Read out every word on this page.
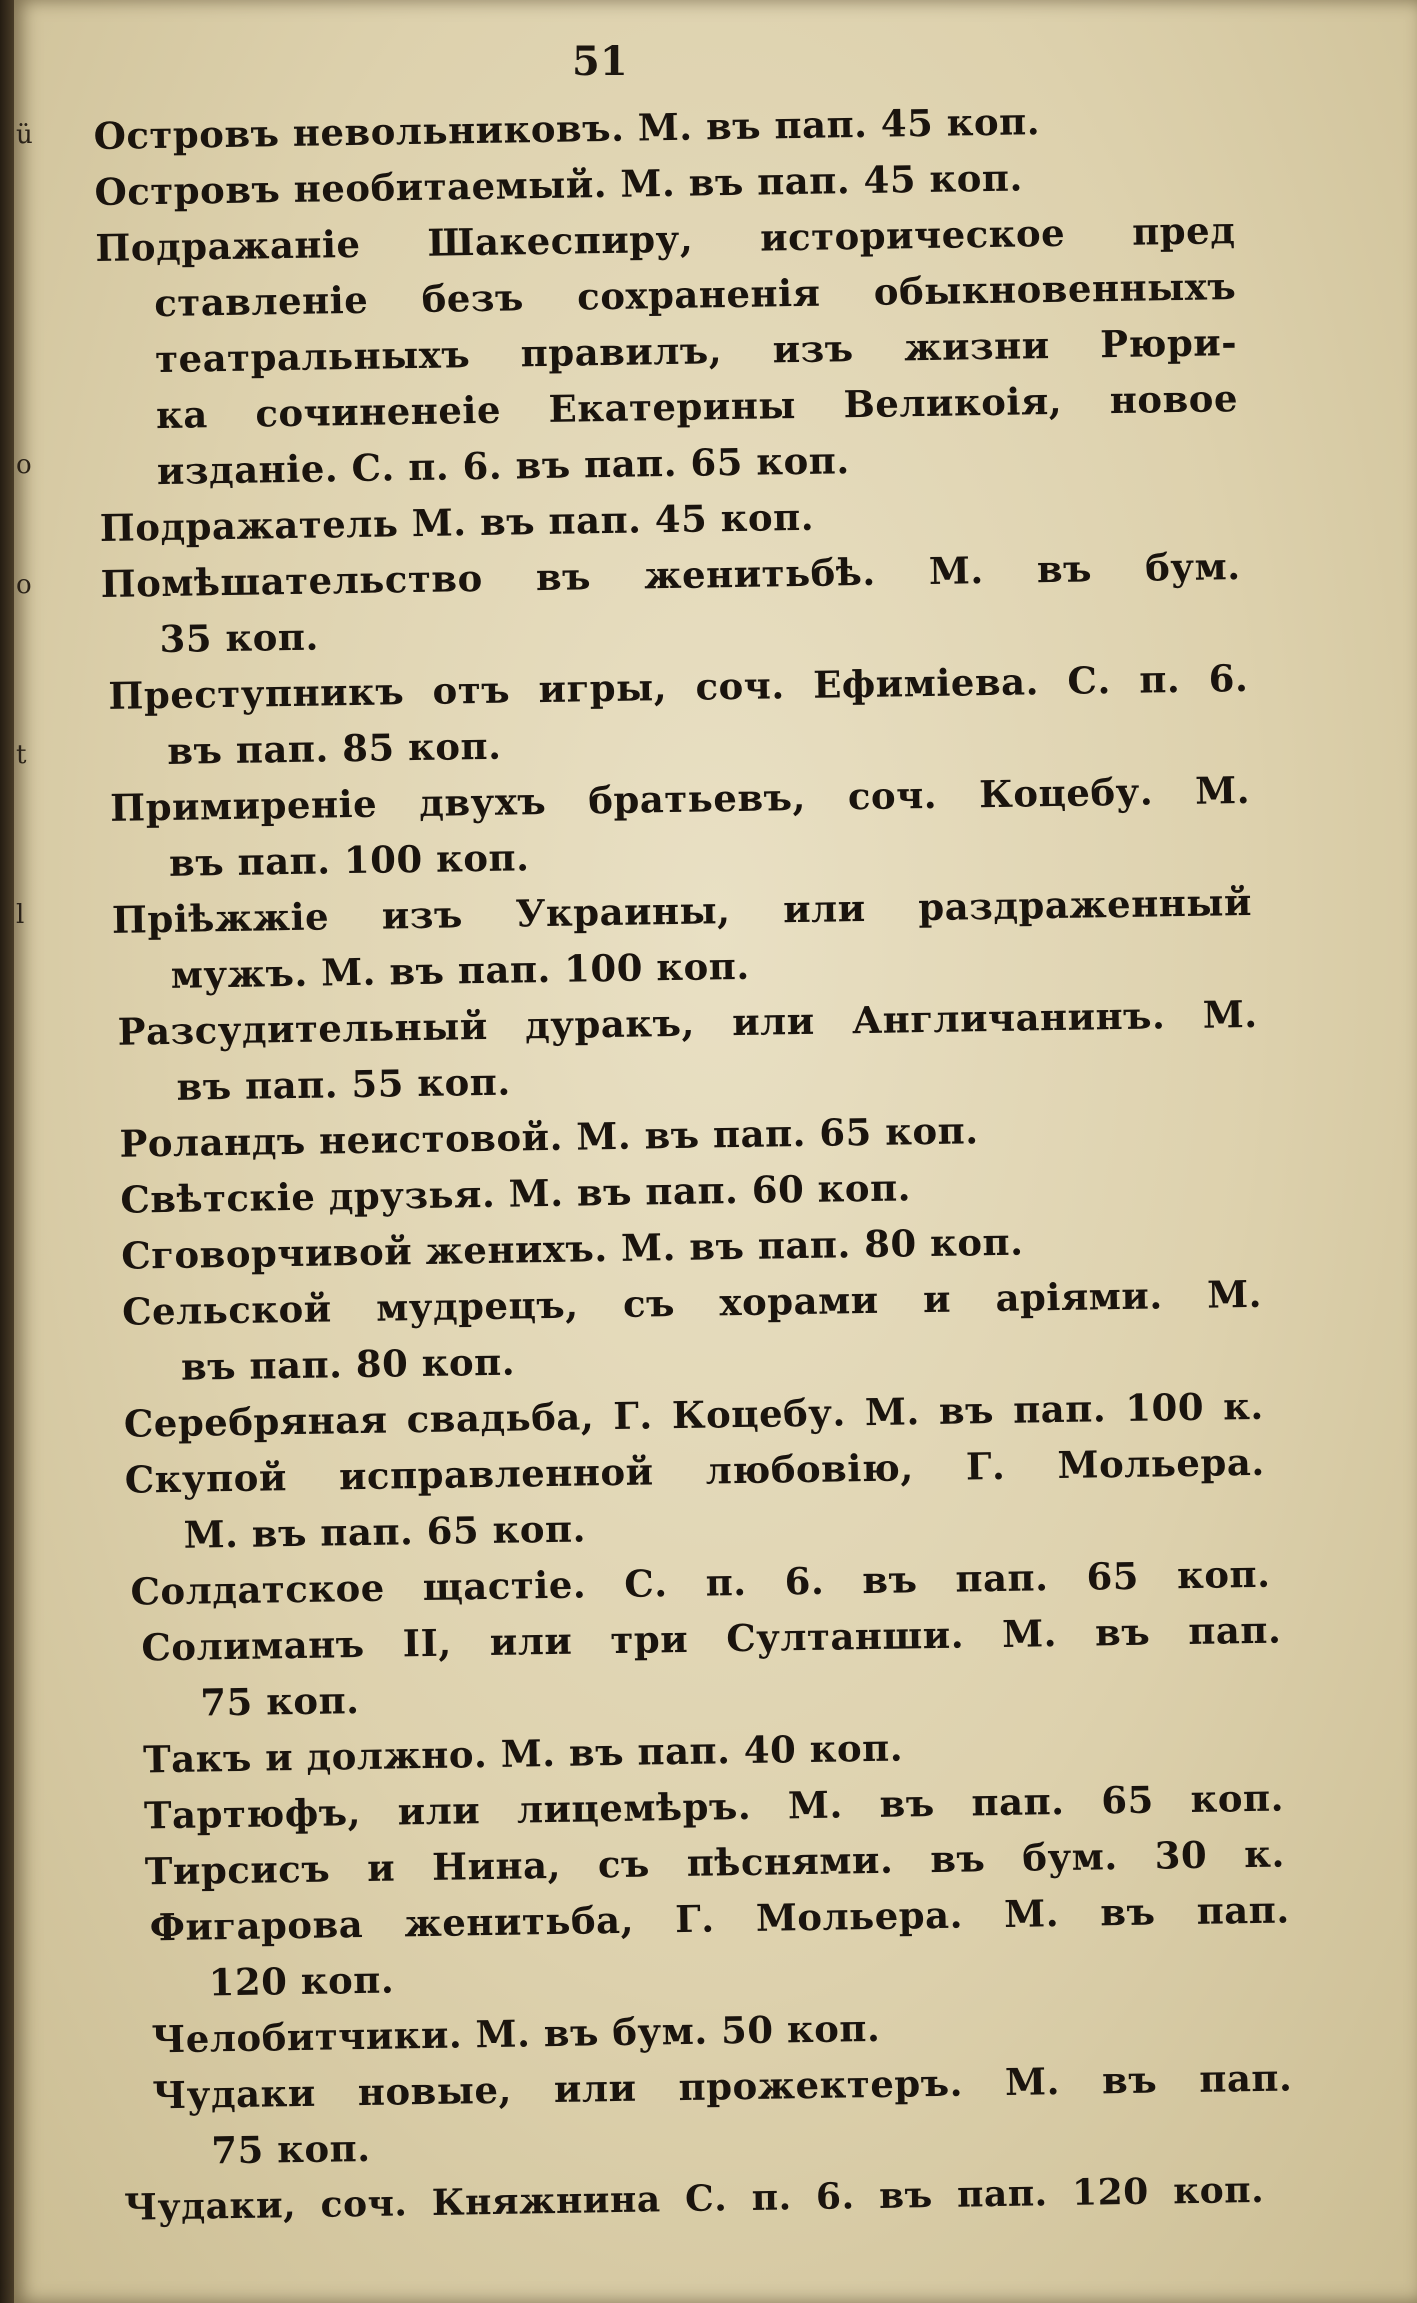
ü
o
o
t
l
51
Островъ невольниковъ. М. въ пап. 45 коп.
Островъ необитаемый. М. въ пап. 45 коп.
Подражаніе Шакеспиру, историческое пред
ставленіе безъ сохраненія обыкновенныхъ
театральныхъ правилъ, изъ жизни Рюри-
ка сочиненеіе Екатерины Великоія, новое
изданіе. С. п. 6. въ пап. 65 коп.
Подражатель М. въ пап. 45 коп.
Помѣшательство въ женитьбѣ. М. въ бум.
35 коп.
Преступникъ отъ игры, соч. Ефиміева. С. п. 6.
въ пап. 85 коп.
Примиреніе двухъ братьевъ, соч. Коцебу. М.
въ пап. 100 коп.
Пріѣжжіе изъ Украины, или раздраженный
мужъ. М. въ пап. 100 коп.
Разсудительный дуракъ, или Англичанинъ. М.
въ пап. 55 коп.
Роландъ неистовой. М. въ пап. 65 коп.
Свѣтскіе друзья. М. въ пап. 60 коп.
Сговорчивой женихъ. М. въ пап. 80 коп.
Сельской мудрецъ, съ хорами и аріями. М.
въ пап. 80 коп.
Серебряная свадьба, Г. Коцебу. М. въ пап. 100 к.
Скупой исправленной любовію, Г. Мольера.
М. въ пап. 65 коп.
Солдатское щастіе. С. п. 6. въ пап. 65 коп.
Солиманъ II, или три Султанши. М. въ пап.
75 коп.
Такъ и должно. М. въ пап. 40 коп.
Тартюфъ, или лицемѣръ. М. въ пап. 65 коп.
Тирсисъ и Нина, съ пѣснями. въ бум. 30 к.
Фигарова женитьба, Г. Мольера. М. въ пап.
120 коп.
Челобитчики. М. въ бум. 50 коп.
Чудаки новые, или прожектеръ. М. въ пап.
75 коп.
Чудаки, соч. Княжнина С. п. 6. въ пап. 120 коп.
